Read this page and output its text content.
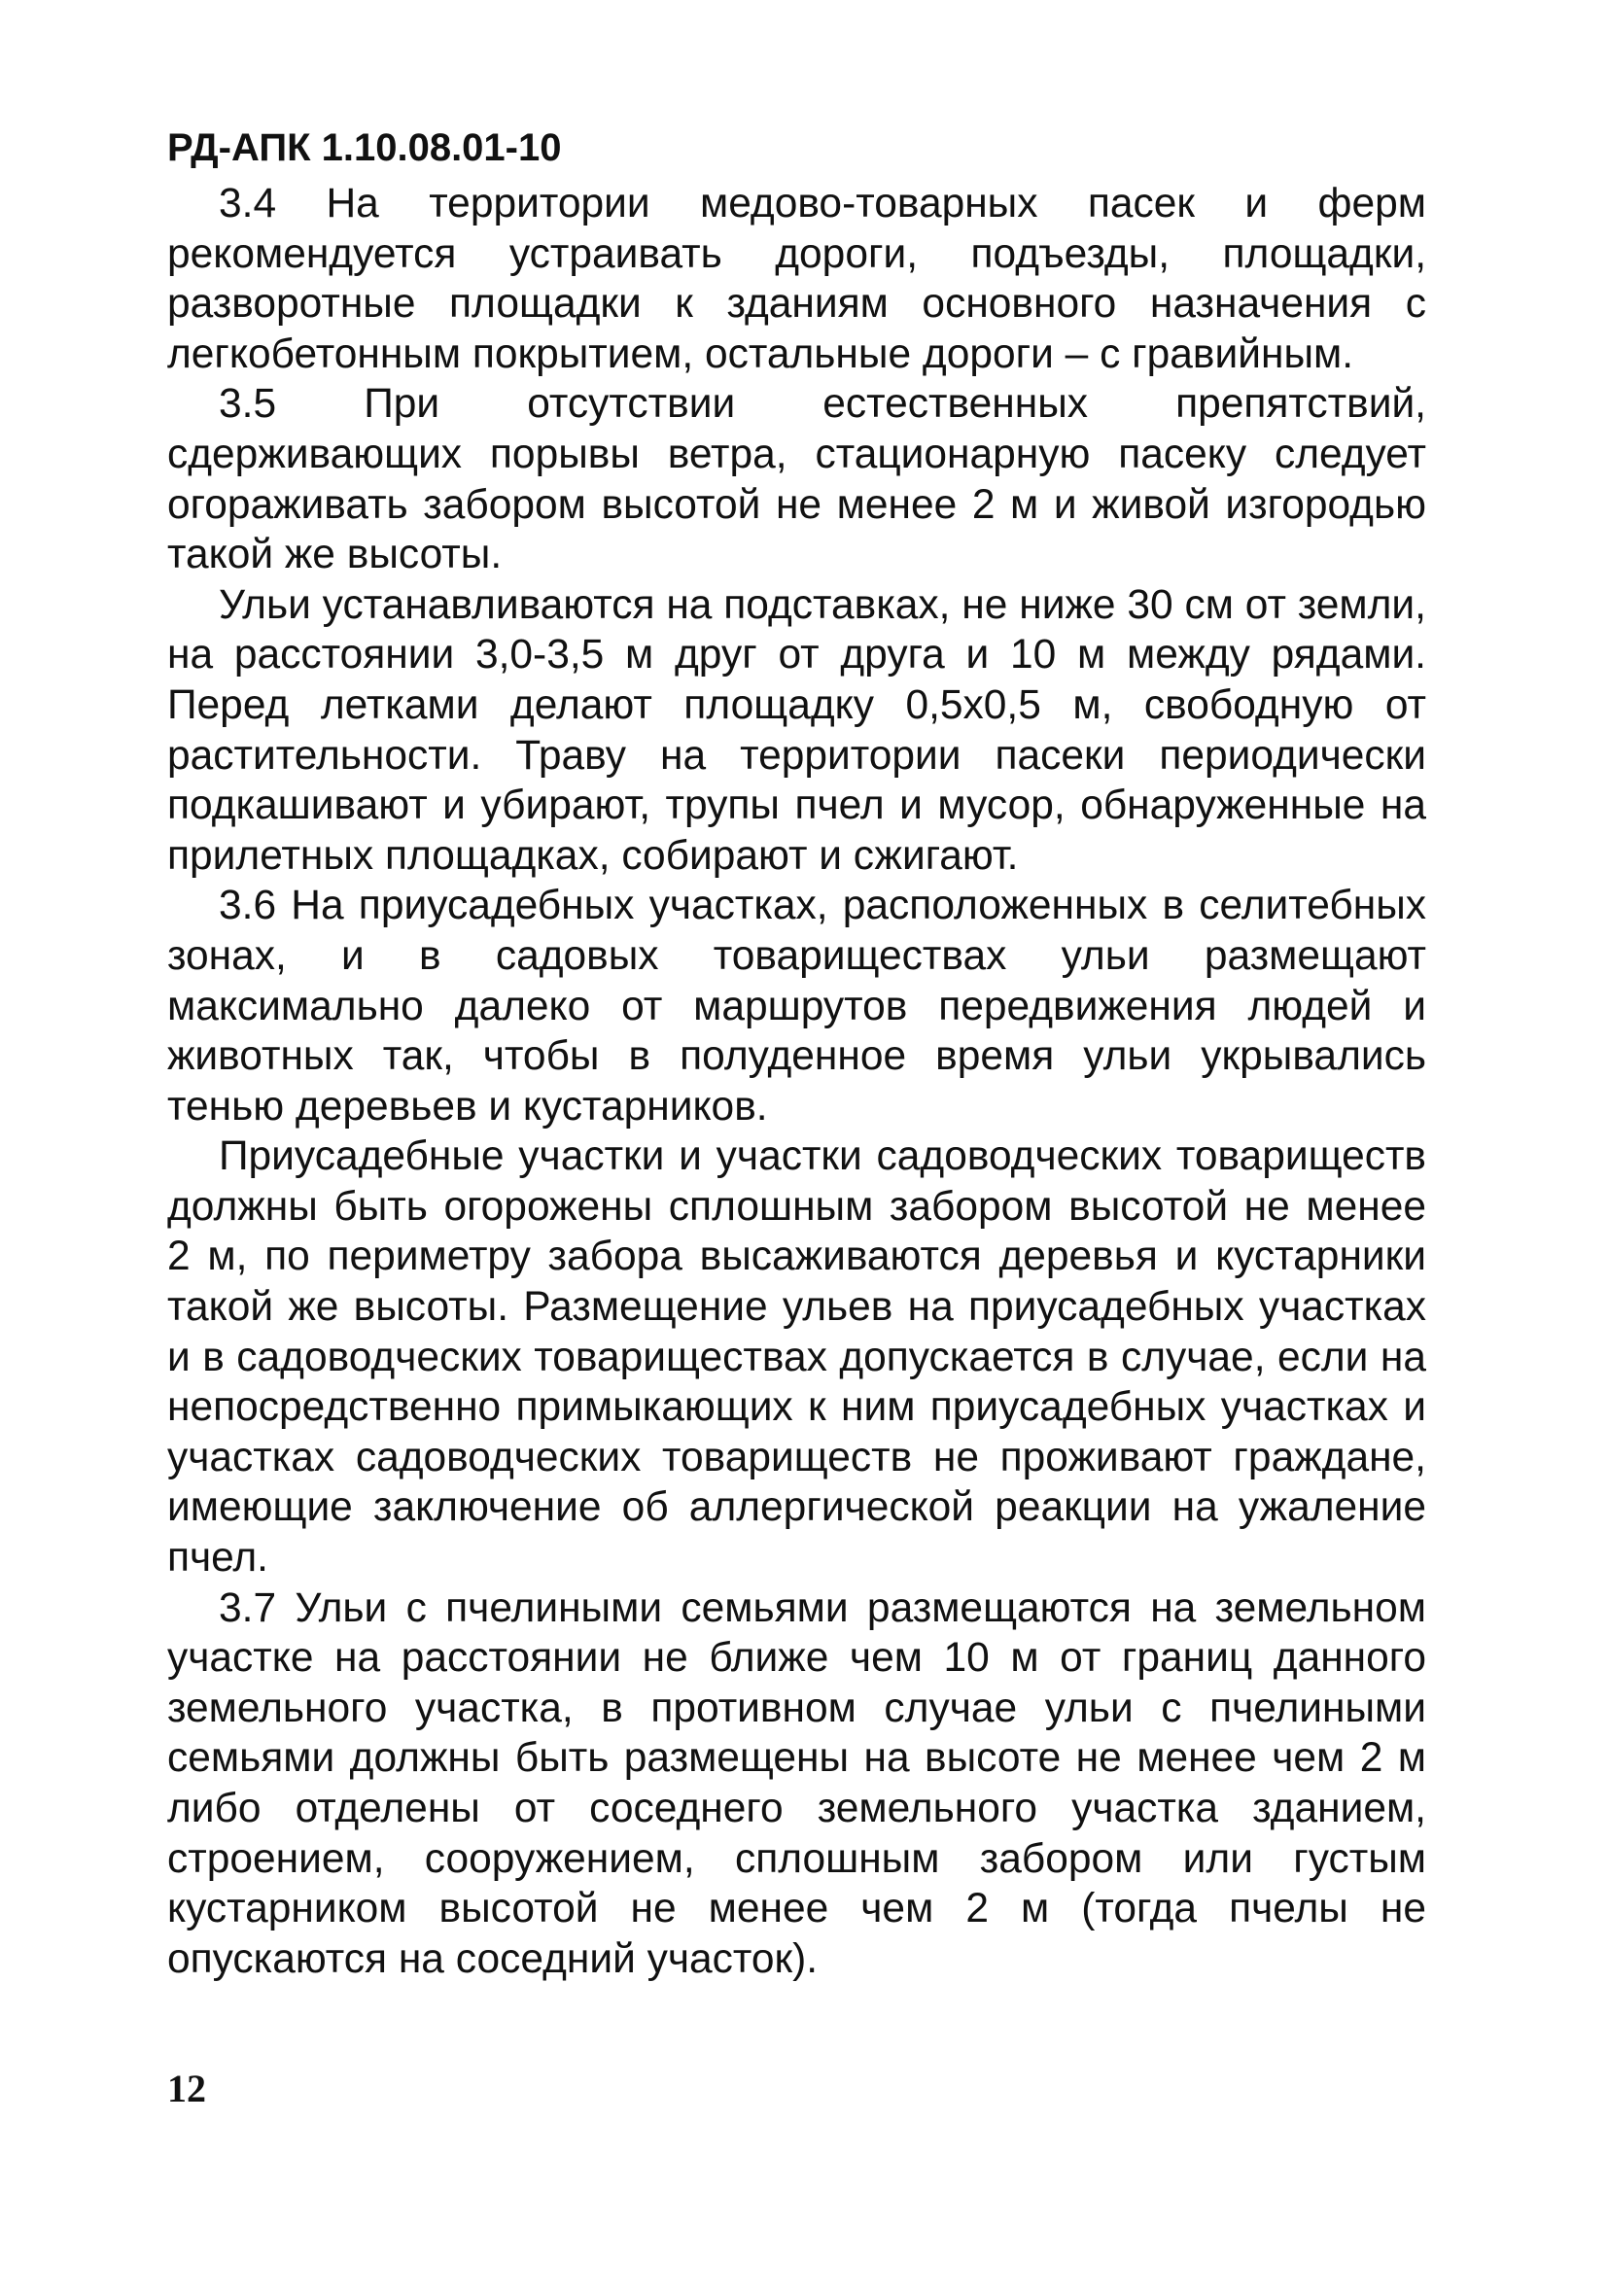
РД-АПК 1.10.08.01-10

3.4 На территории медово-товарных пасек и ферм рекомендуется устраивать дороги, подъезды, площадки, разворотные площадки к зданиям основного назначения с легкобетонным покрытием, остальные дороги – с гравийным.

3.5 При отсутствии естественных препятствий, сдерживающих порывы ветра, стационарную пасеку следует огораживать забором высотой не менее 2 м и живой изгородью такой же высоты.

Ульи устанавливаются на подставках, не ниже 30 см от земли, на расстоянии 3,0-3,5 м друг от друга и 10 м между рядами. Перед летками делают площадку 0,5х0,5 м, свободную от растительности. Траву на территории пасеки периодически подкашивают и убирают, трупы пчел и мусор, обнаруженные на прилетных площадках, собирают и сжигают.

3.6 На приусадебных участках, расположенных в селитебных зонах, и в садовых товариществах ульи размещают максимально далеко от маршрутов передвижения людей и животных так, чтобы в полуденное время ульи укрывались тенью деревьев и кустарников.

Приусадебные участки и участки садоводческих товариществ должны быть огорожены сплошным забором высотой не менее 2 м, по периметру забора высаживаются деревья и кустарники такой же высоты. Размещение ульев на приусадебных участках и в садоводческих товариществах допускается в случае, если на непосредственно примыкающих к ним приусадебных участках и участках садоводческих товариществ не проживают граждане, имеющие заключение об аллергической реакции на ужаление пчел.

3.7 Ульи с пчелиными семьями размещаются на земельном участке на расстоянии не ближе чем 10 м от границ данного земельного участка, в противном случае ульи с пчелиными семьями должны быть размещены на высоте не менее чем 2 м либо отделены от соседнего земельного участка зданием, строением, сооружением, сплошным забором или густым кустарником высотой не менее чем 2 м (тогда пчелы не опускаются на соседний участок).

12
